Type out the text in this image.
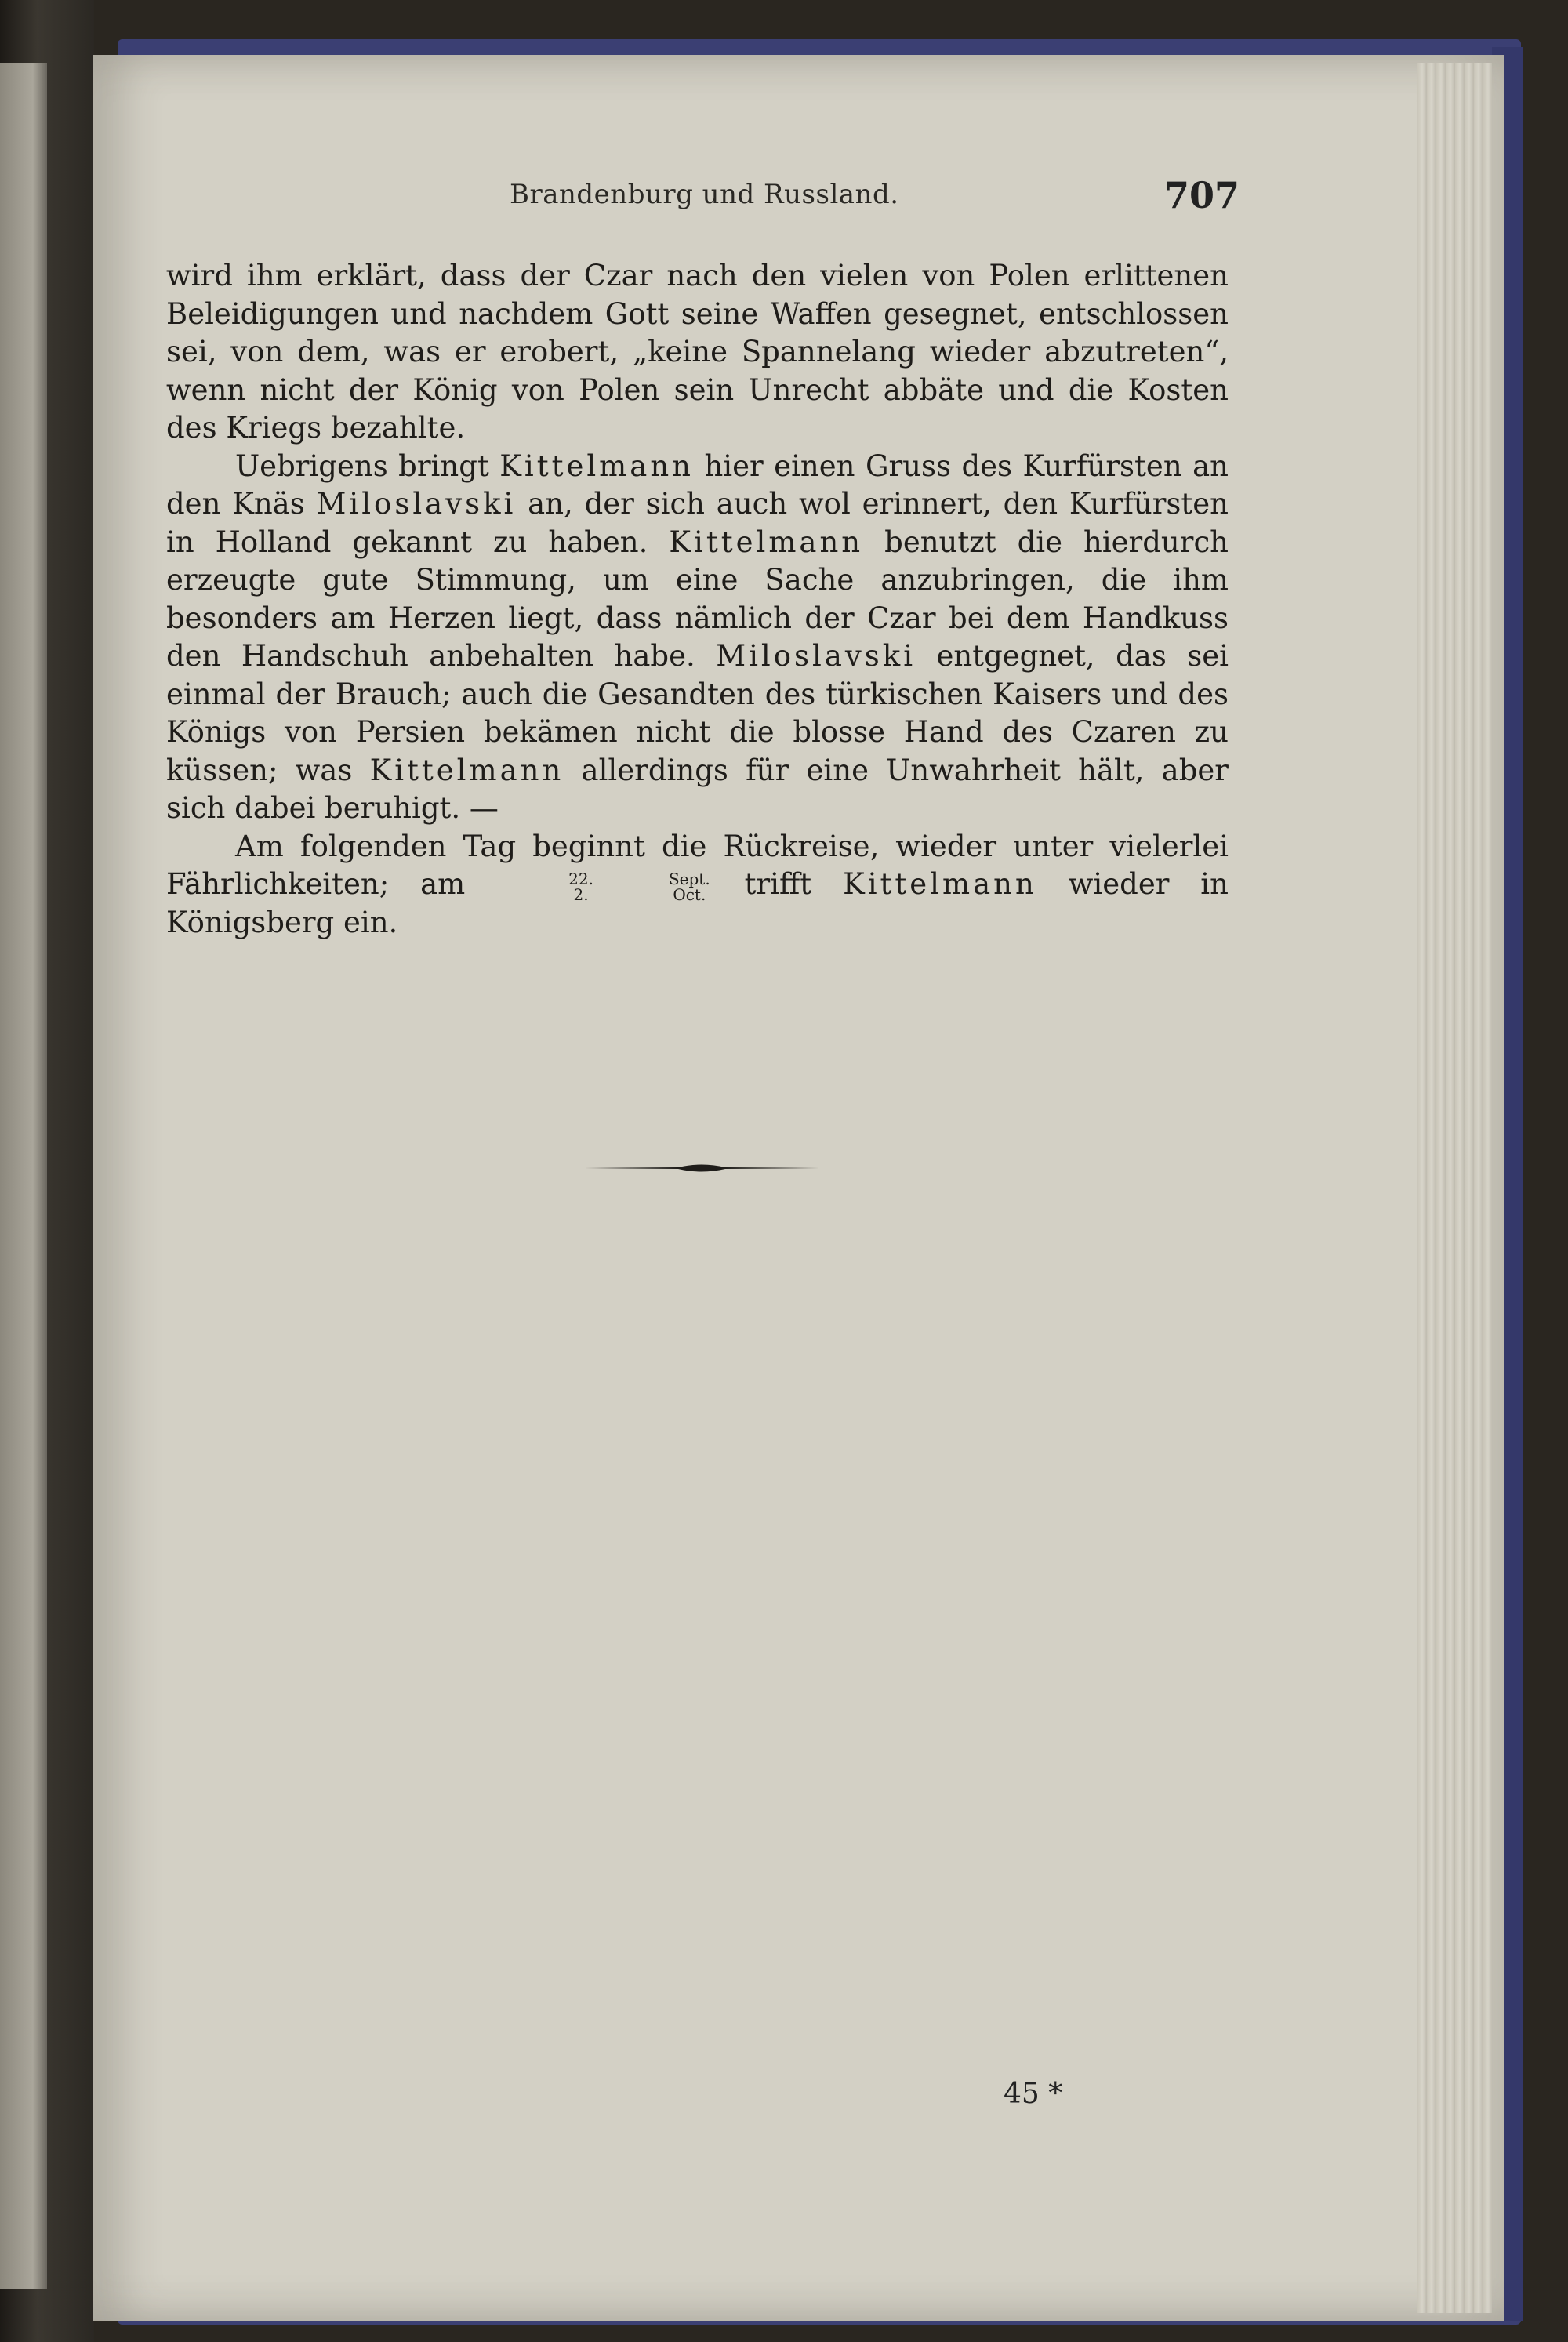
Brandenburg und Russland.	707

wird ihm erklärt, dass der Czar nach den vielen von Polen erlittenen Beleidigungen und nachdem Gott seine Waffen gesegnet, entschlossen sei, von dem, was er erobert, „keine Spannelang wieder abzutreten“, wenn nicht der König von Polen sein Unrecht abbäte und die Kosten des Kriegs bezahlte.

Uebrigens bringt Kittelmann hier einen Gruss des Kurfürsten an den Knäs Miloslavski an, der sich auch wol erinnert, den Kurfürsten in Holland gekannt zu haben. Kittelmann benutzt die hierdurch erzeugte gute Stimmung, um eine Sache anzubringen, die ihm besonders am Herzen liegt, dass nämlich der Czar bei dem Handkuss den Handschuh anbehalten habe. Miloslavski entgegnet, das sei einmal der Brauch; auch die Gesandten des türkischen Kaisers und des Königs von Persien bekämen nicht die blosse Hand des Czaren zu küssen; was Kittelmann allerdings für eine Unwahrheit hält, aber sich dabei beruhigt. —

Am folgenden Tag beginnt die Rückreise, wieder unter vielerlei Fährlichkeiten; am	22.
2.
Sept.
Oct. trifft Kittelmann wieder in Königsberg ein.

45 *
